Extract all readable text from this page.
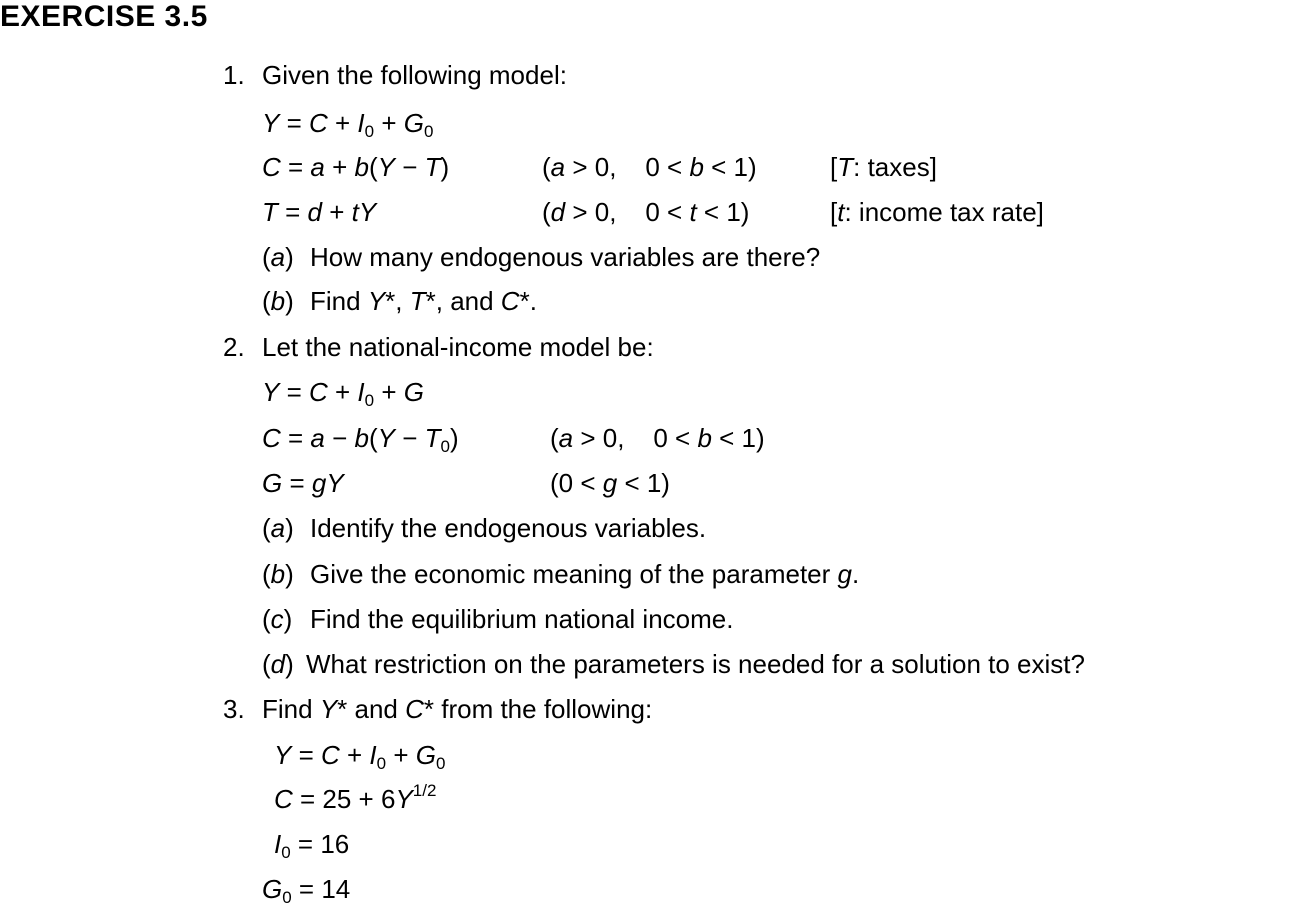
EXERCISE 3.5
1. Given the following model:
$Y = C + I_0 + G_0$
C = a + b(Y − T)	(a > 0,    0 < b < 1)	[T: taxes]
T = d + tY	(d > 0,    0 < t < 1)	[t: income tax rate]
(a) How many endogenous variables are there?
(b) Find Y*, T*, and C*.
2. Let the national-income model be:
$Y = C + I_0 + G$
$C = a - b(Y - T_0)$	(a > 0,    0 < b < 1)
G = gY	(0 < g < 1)
(a) Identify the endogenous variables.
(b) Give the economic meaning of the parameter g.
(c) Find the equilibrium national income.
(d) What restriction on the parameters is needed for a solution to exist?
3. Find Y* and C* from the following:
$Y = C + I_0 + G_0$
$C = 25 + 6Y^{1/2}$
$I_0 = 16$
$G_0 = 14$
